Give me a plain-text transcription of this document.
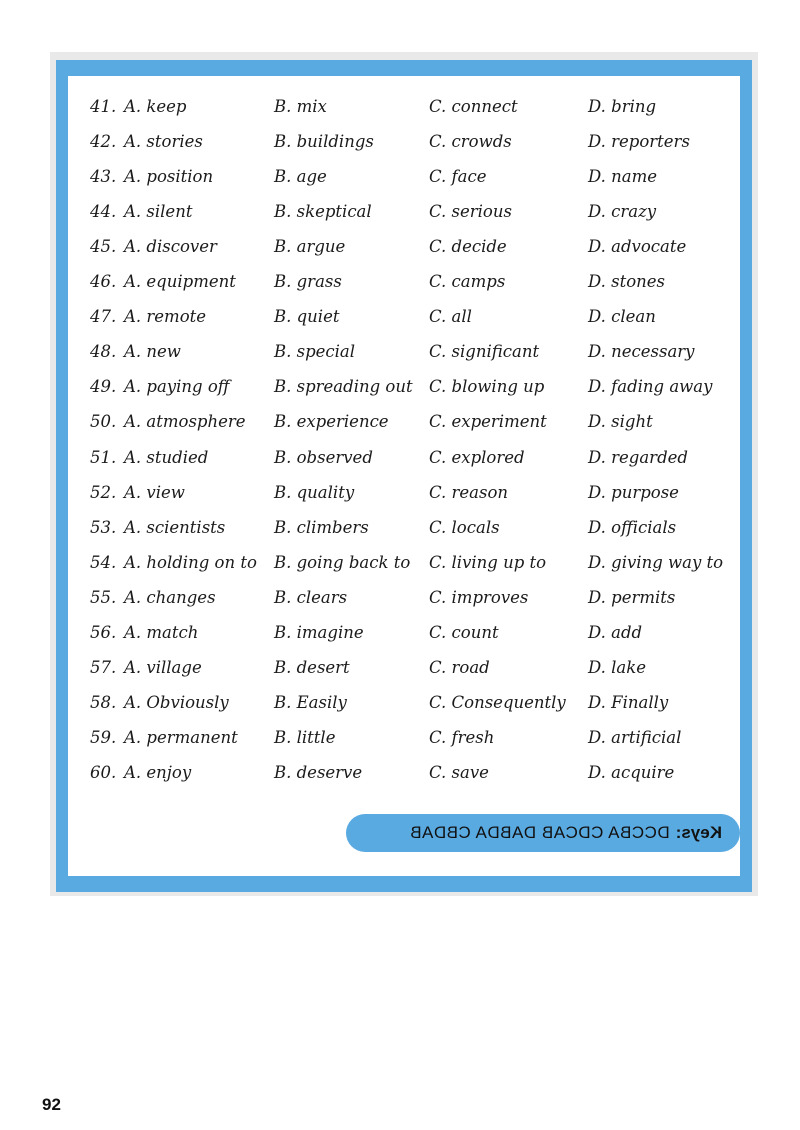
41. A. keep	B. mix	C. connect	D. bring
42. A. stories	B. buildings	C. crowds	D. reporters
43. A. position	B. age	C. face	D. name
44. A. silent	B. skeptical	C. serious	D. crazy
45. A. discover	B. argue	C. decide	D. advocate
46. A. equipment B. grass	C. camps	D. stones
47. A. remote	B. quiet	C. all	D. clean
48. A. new	B. special	C. significant	D. necessary
49. A. paying off	B. spreading out C. blowing up	D. fading away
50. A. atmosphere B. experience C. experiment D. sight
51. A. studied	B. observed	C. explored	D. regarded
52. A. view	B. quality	C. reason	D. purpose
53. A. scientists	B. climbers	C. locals	D. officials
54. A. holding on to B. going back to C. living up to	D. giving way to
55. A. changes	B. clears	C. improves	D. permits
56. A. match	B. imagine	C. count	D. add
57. A. village	B. desert	C. road	D. lake
58. A. Obviously	B. Easily	C. Consequently D. Finally
59. A. permanent B. little	C. fresh	D. artificial
60. A. enjoy	B. deserve	C. save	D. acquire
Keys:
DCCBA CDCAB DABDA CBDAB
92
